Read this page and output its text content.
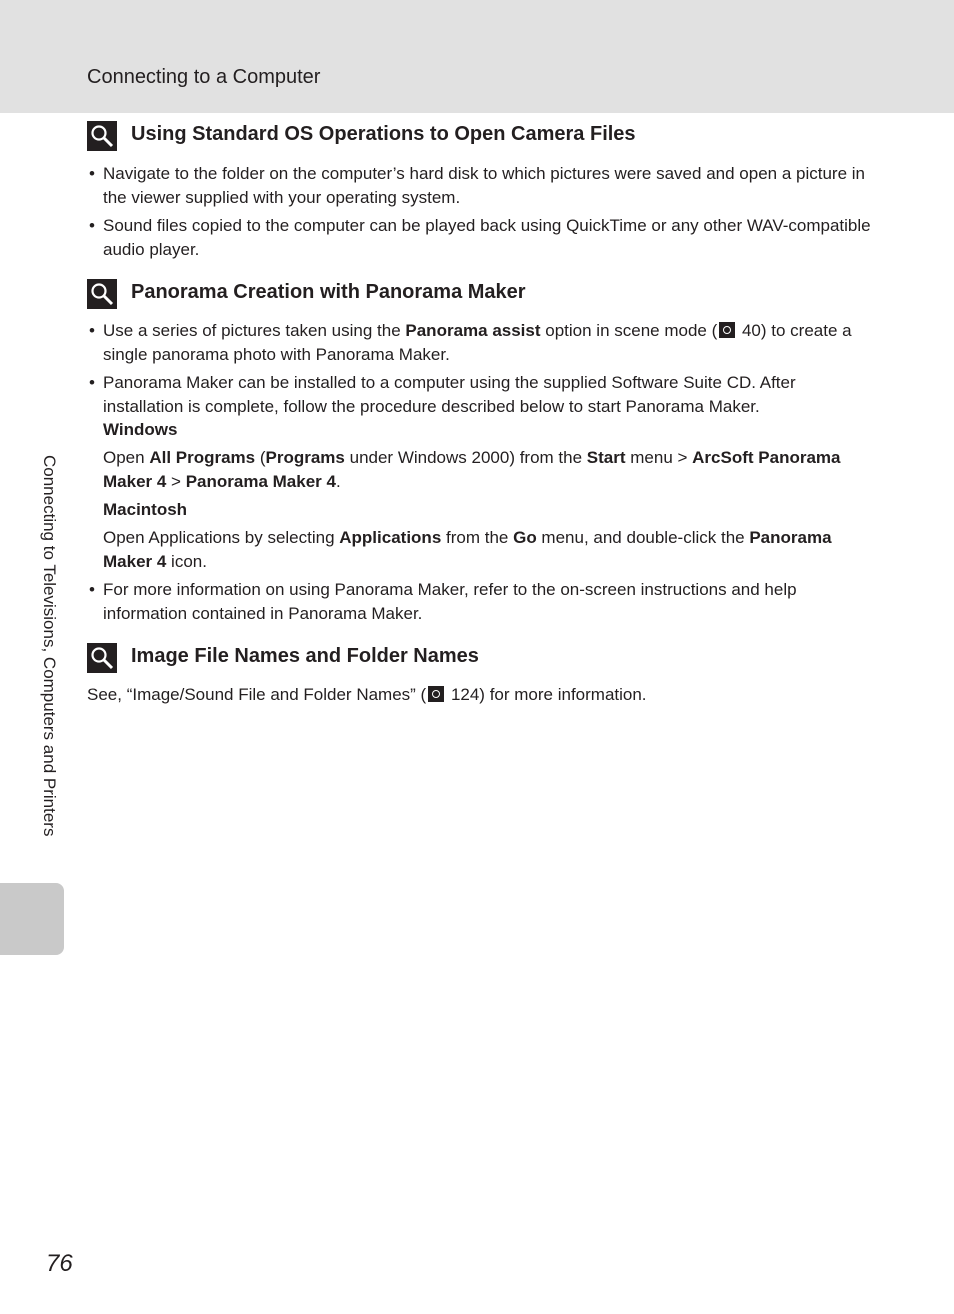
Connecting to a Computer
Connecting to Televisions, Computers and Printers
Using Standard OS Operations to Open Camera Files
• Navigate to the folder on the computer’s hard disk to which pictures were saved and open a picture in the viewer supplied with your operating system.
• Sound files copied to the computer can be played back using QuickTime or any other WAV-compatible audio player.
Panorama Creation with Panorama Maker
• Use a series of pictures taken using the Panorama assist option in scene mode ( 40) to create a single panorama photo with Panorama Maker.
• Panorama Maker can be installed to a computer using the supplied Software Suite CD. After installation is complete, follow the procedure described below to start Panorama Maker.
Windows
Open All Programs (Programs under Windows 2000) from the Start menu > ArcSoft Panorama Maker 4 > Panorama Maker 4.
Macintosh
Open Applications by selecting Applications from the Go menu, and double-click the Panorama Maker 4 icon.
• For more information on using Panorama Maker, refer to the on-screen instructions and help information contained in Panorama Maker.
Image File Names and Folder Names
See, “Image/Sound File and Folder Names” ( 124) for more information.
76
